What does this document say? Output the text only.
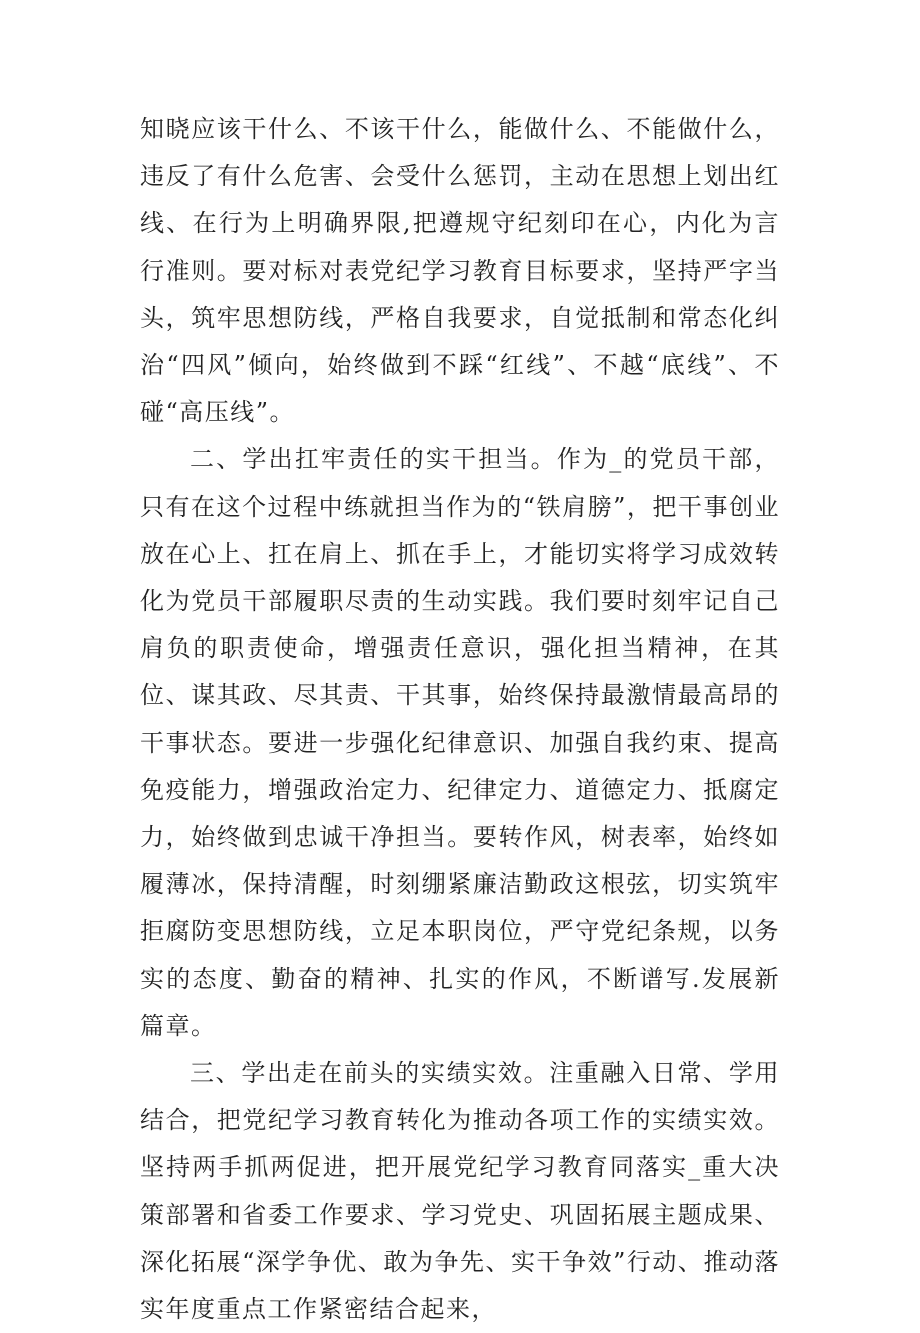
知晓应该干什么、不该干什么，能做什么、不能做什么，违反了有什么危害、会受什么惩罚，主动在思想上划出红线、在行为上明确界限,把遵规守纪刻印在心，内化为言行准则。要对标对表党纪学习教育目标要求，坚持严字当头，筑牢思想防线，严格自我要求，自觉抵制和常态化纠治“四风”倾向，始终做到不踩“红线”、不越“底线”、不碰“高压线”。

二、学出扛牢责任的实干担当。作为_的党员干部，只有在这个过程中练就担当作为的“铁肩膀”，把干事创业放在心上、扛在肩上、抓在手上，才能切实将学习成效转化为党员干部履职尽责的生动实践。我们要时刻牢记自己肩负的职责使命，增强责任意识，强化担当精神，在其位、谋其政、尽其责、干其事，始终保持最激情最高昂的干事状态。要进一步强化纪律意识、加强自我约束、提高免疫能力，增强政治定力、纪律定力、道德定力、抵腐定力，始终做到忠诚干净担当。要转作风，树表率，始终如履薄冰，保持清醒，时刻绷紧廉洁勤政这根弦，切实筑牢拒腐防变思想防线，立足本职岗位，严守党纪条规，以务实的态度、勤奋的精神、扎实的作风，不断谱写.发展新篇章。

三、学出走在前头的实绩实效。注重融入日常、学用结合，把党纪学习教育转化为推动各项工作的实绩实效。坚持两手抓两促进，把开展党纪学习教育同落实_重大决策部署和省委工作要求、学习党史、巩固拓展主题成果、深化拓展“深学争优、敢为争先、实干争效”行动、推动落实年度重点工作紧密结合起来，
